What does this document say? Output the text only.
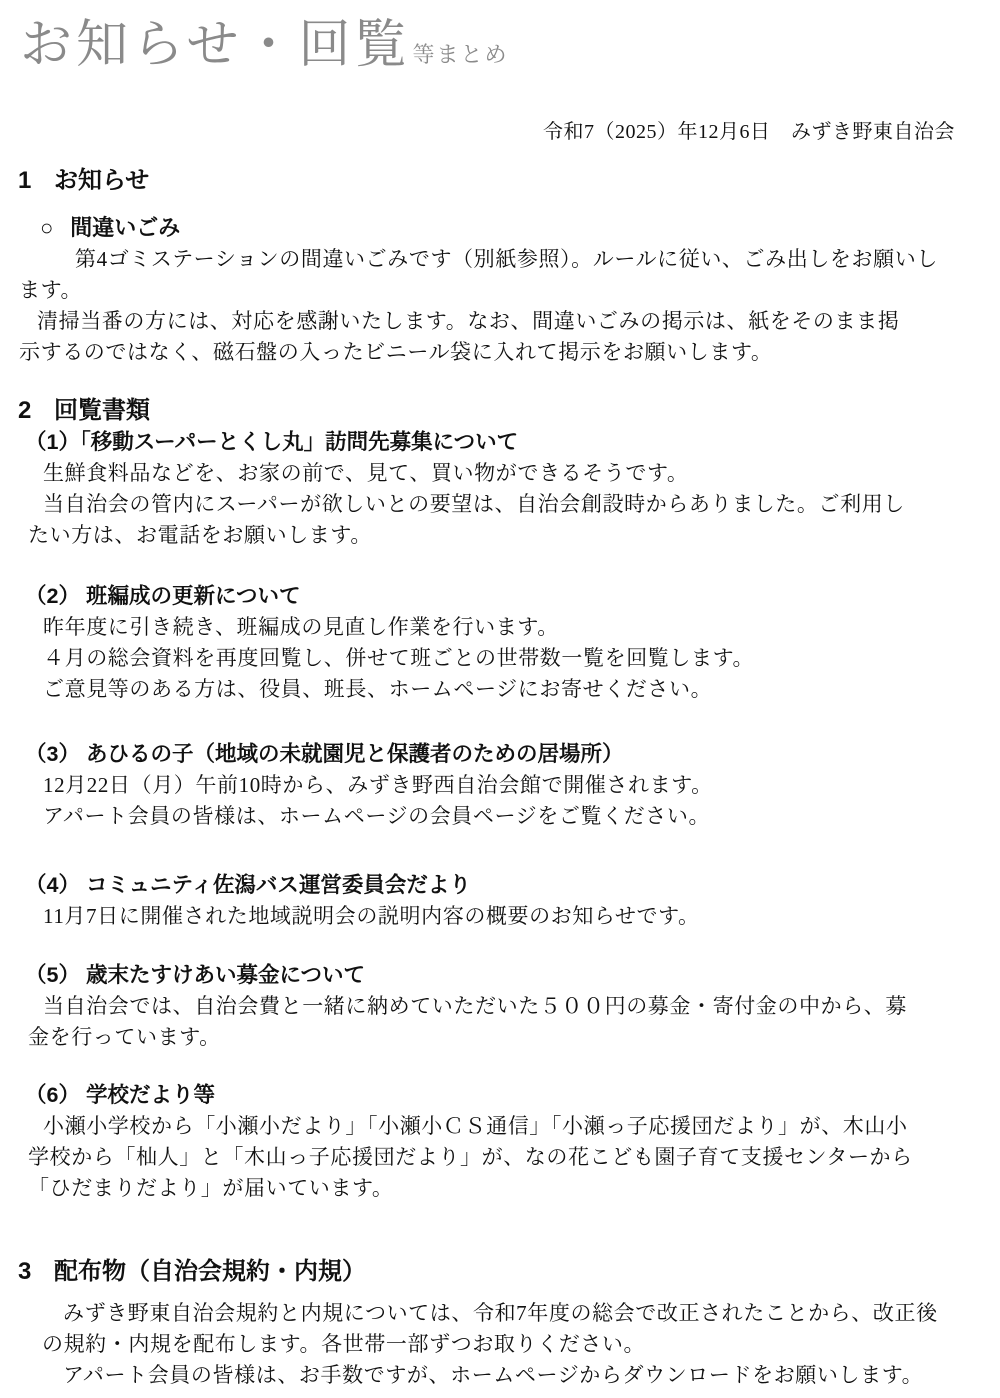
お知らせ・回覧等まとめ
令和7（2025）年12月6日　みずき野東自治会
1 お知らせ
○ 間違いごみ
第4ゴミステーションの間違いごみです（別紙参照）。ルールに従い、ごみ出しをお願いし
ます。
清掃当番の方には、対応を感謝いたします。なお、間違いごみの掲示は、紙をそのまま掲
示するのではなく、磁石盤の入ったビニール袋に入れて掲示をお願いします。
2 回覧書類
（1）「移動スーパーとくし丸」訪問先募集について
生鮮食料品などを、お家の前で、見て、買い物ができるそうです。
当自治会の管内にスーパーが欲しいとの要望は、自治会創設時からありました。ご利用し
たい方は、お電話をお願いします。
（2） 班編成の更新について
昨年度に引き続き、班編成の見直し作業を行います。
４月の総会資料を再度回覧し、併せて班ごとの世帯数一覧を回覧します。
ご意見等のある方は、役員、班長、ホームページにお寄せください。
（3） あひるの子（地域の未就園児と保護者のための居場所）
12月22日（月）午前10時から、みずき野西自治会館で開催されます。
アパート会員の皆様は、ホームページの会員ページをご覧ください。
（4） コミュニティ佐潟バス運営委員会だより
11月7日に開催された地域説明会の説明内容の概要のお知らせです。
（5） 歳末たすけあい募金について
当自治会では、自治会費と一緒に納めていただいた５００円の募金・寄付金の中から、募
金を行っています。
（6） 学校だより等
小瀬小学校から「小瀬小だより」「小瀬小ＣＳ通信」「小瀬っ子応援団だより」が、木山小
学校から「杣人」と「木山っ子応援団だより」が、なの花こども園子育て支援センターから
「ひだまりだより」が届いています。
3 配布物（自治会規約・内規）
みずき野東自治会規約と内規については、令和7年度の総会で改正されたことから、改正後
の規約・内規を配布します。各世帯一部ずつお取りください。
アパート会員の皆様は、お手数ですが、ホームページからダウンロードをお願いします。
